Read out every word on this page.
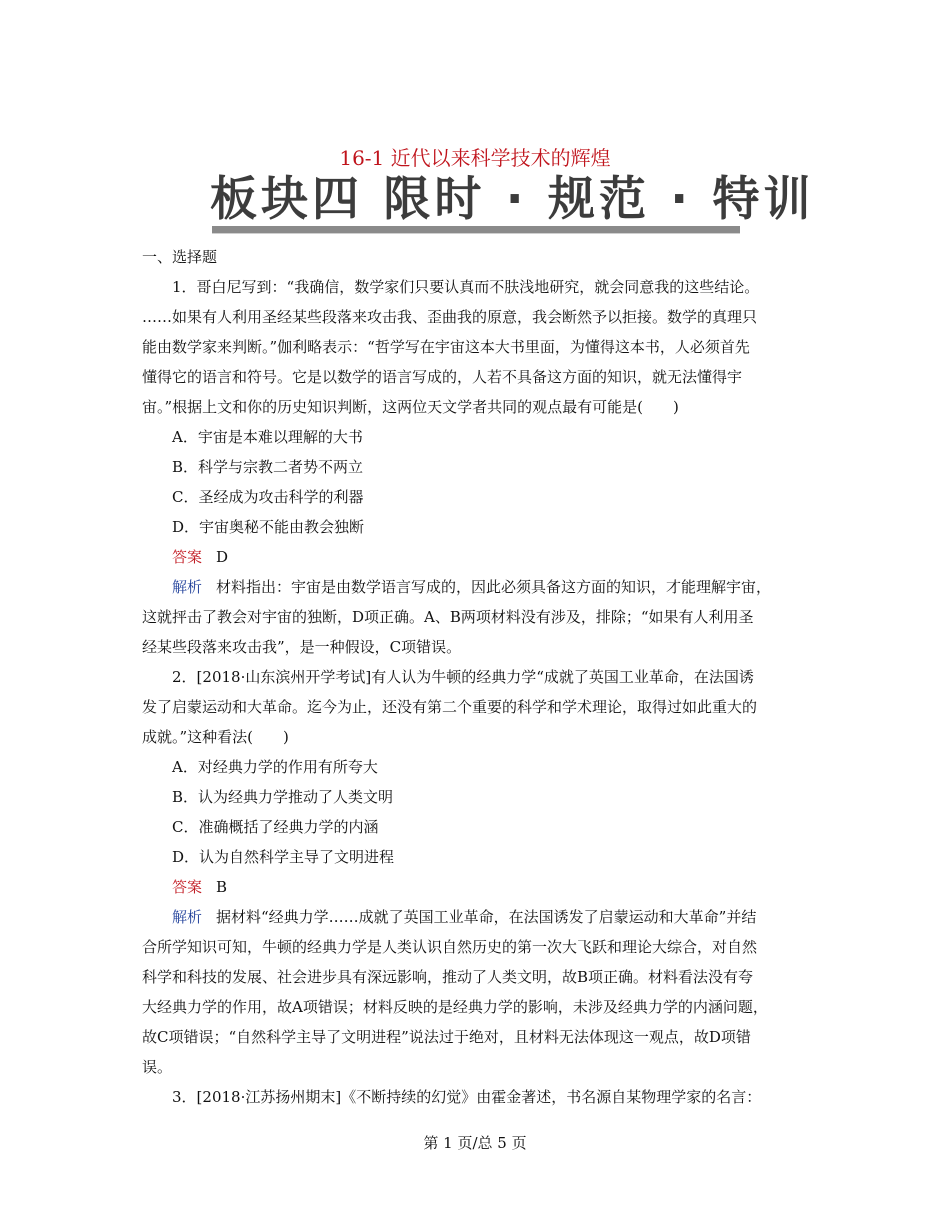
16-1 近代以来科学技术的辉煌
板块四 限时 · 规范 · 特训
一、选择题
1．哥白尼写到：“我确信，数学家们只要认真而不肤浅地研究，就会同意我的这些结论。
……如果有人利用圣经某些段落来攻击我、歪曲我的原意，我会断然予以拒接。数学的真理只
能由数学家来判断。”伽利略表示：“哲学写在宇宙这本大书里面，为懂得这本书，人必须首先
懂得它的语言和符号。它是以数学的语言写成的，人若不具备这方面的知识，就无法懂得宇
宙。”根据上文和你的历史知识判断，这两位天文学者共同的观点最有可能是(　　)
A．宇宙是本难以理解的大书
B．科学与宗教二者势不两立
C．圣经成为攻击科学的利器
D．宇宙奥秘不能由教会独断
答案 D
解析 材料指出：宇宙是由数学语言写成的，因此必须具备这方面的知识，才能理解宇宙，
这就抨击了教会对宇宙的独断，D项正确。A、B两项材料没有涉及，排除；“如果有人利用圣
经某些段落来攻击我”，是一种假设，C项错误。
2．[2018·山东滨州开学考试]有人认为牛顿的经典力学“成就了英国工业革命，在法国诱
发了启蒙运动和大革命。迄今为止，还没有第二个重要的科学和学术理论，取得过如此重大的
成就。”这种看法(　　)
A．对经典力学的作用有所夸大
B．认为经典力学推动了人类文明
C．准确概括了经典力学的内涵
D．认为自然科学主导了文明进程
答案 B
解析 据材料“经典力学……成就了英国工业革命，在法国诱发了启蒙运动和大革命”并结
合所学知识可知，牛顿的经典力学是人类认识自然历史的第一次大飞跃和理论大综合，对自然
科学和科技的发展、社会进步具有深远影响，推动了人类文明，故B项正确。材料看法没有夸
大经典力学的作用，故A项错误；材料反映的是经典力学的影响，未涉及经典力学的内涵问题，
故C项错误；“自然科学主导了文明进程”说法过于绝对，且材料无法体现这一观点，故D项错
误。
3．[2018·江苏扬州期末]《不断持续的幻觉》由霍金著述，书名源自某物理学家的名言：
第 1 页/总 5 页
